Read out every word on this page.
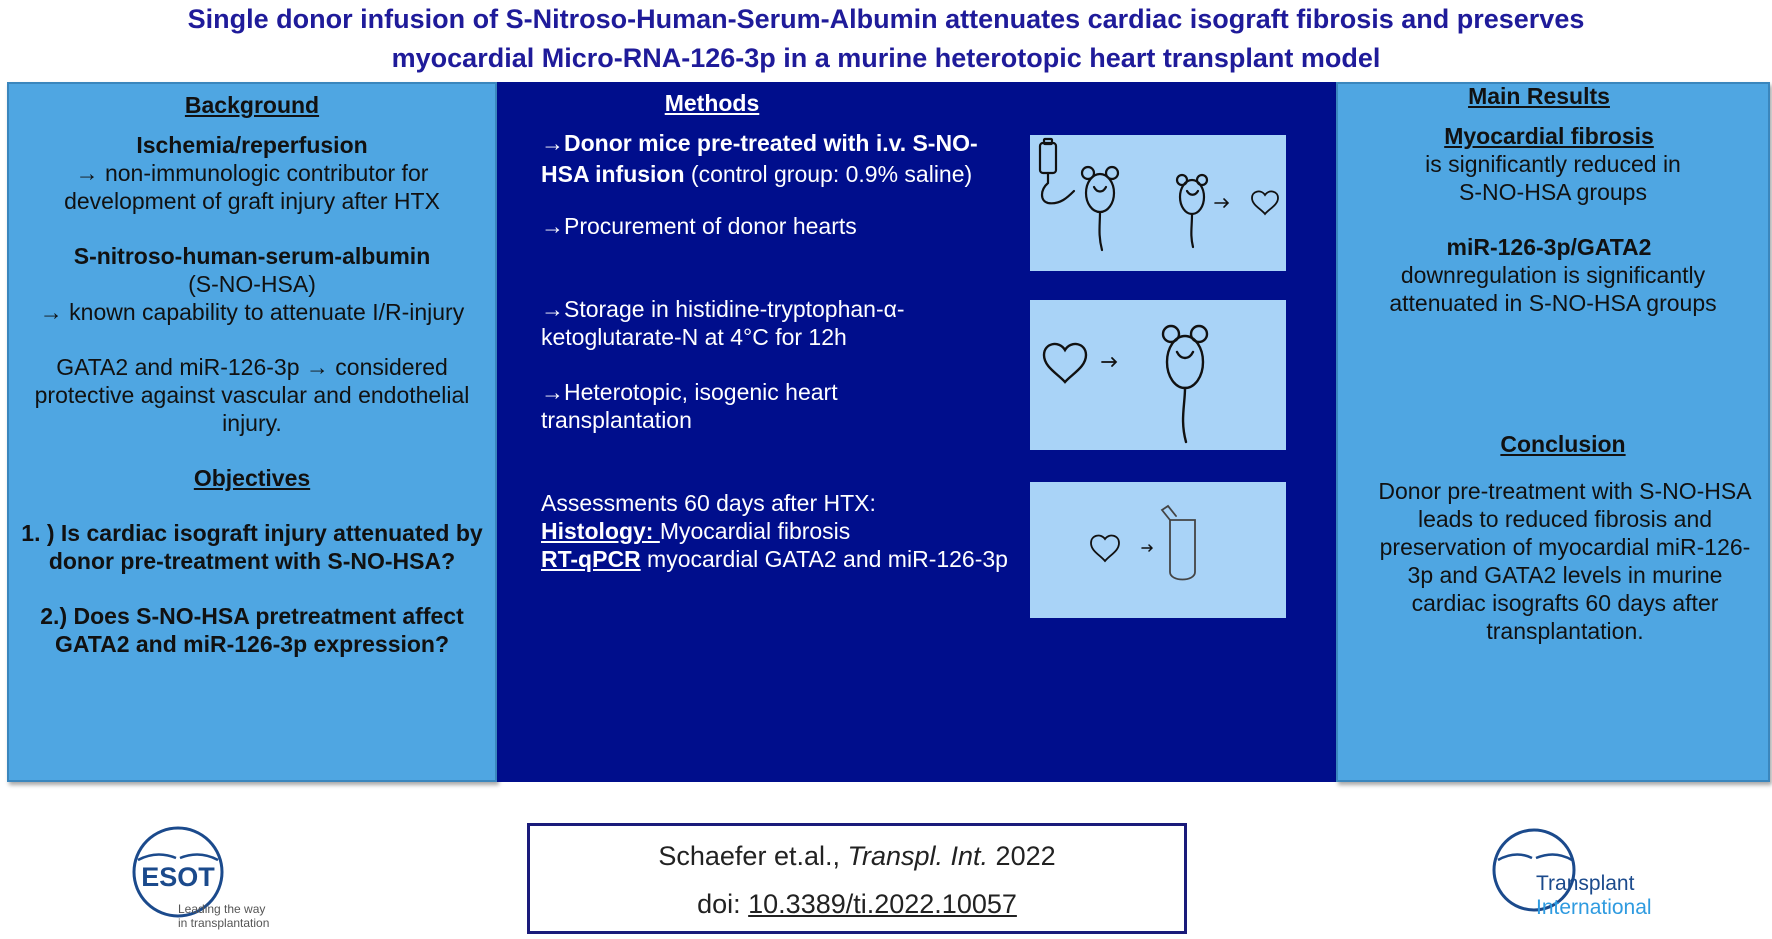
Single donor infusion of S-Nitroso-Human-Serum-Albumin attenuates cardiac isograft fibrosis and preserves
myocardial Micro-RNA-126-3p in a murine heterotopic heart transplant model
Background
Ischemia/reperfusion
→ non-immunologic contributor for
development of graft injury after HTX
S-nitroso-human-serum-albumin
(S-NO-HSA)
→ known capability to attenuate I/R-injury
GATA2 and miR-126-3p → considered
protective against vascular and endothelial
injury.
Objectives
1. ) Is cardiac isograft injury attenuated by
donor pre-treatment with S-NO-HSA?
2.) Does S-NO-HSA pretreatment affect
GATA2 and miR-126-3p expression?
Methods
→Donor mice pre-treated with i.v. S-NO-
HSA infusion (control group: 0.9% saline)
→Procurement of donor hearts
→Storage in histidine-tryptophan-α-
ketoglutarate-N at 4°C for 12h
→Heterotopic, isogenic heart
transplantation
Assessments 60 days after HTX:
Histology: Myocardial fibrosis
RT-qPCR myocardial GATA2 and miR-126-3p
Main Results
Myocardial fibrosis
is significantly reduced in
S-NO-HSA groups
miR-126-3p/GATA2
downregulation is significantly
attenuated in S-NO-HSA groups
Conclusion
Donor pre-treatment with S-NO-HSA
leads to reduced fibrosis and
preservation of myocardial miR-126-
3p and GATA2 levels in murine
cardiac isografts 60 days after
transplantation.
Schaefer et.al., Transpl. Int. 2022
doi: 10.3389/ti.2022.10057
ESOT
Leading the way
in transplantation
Transplant
International
